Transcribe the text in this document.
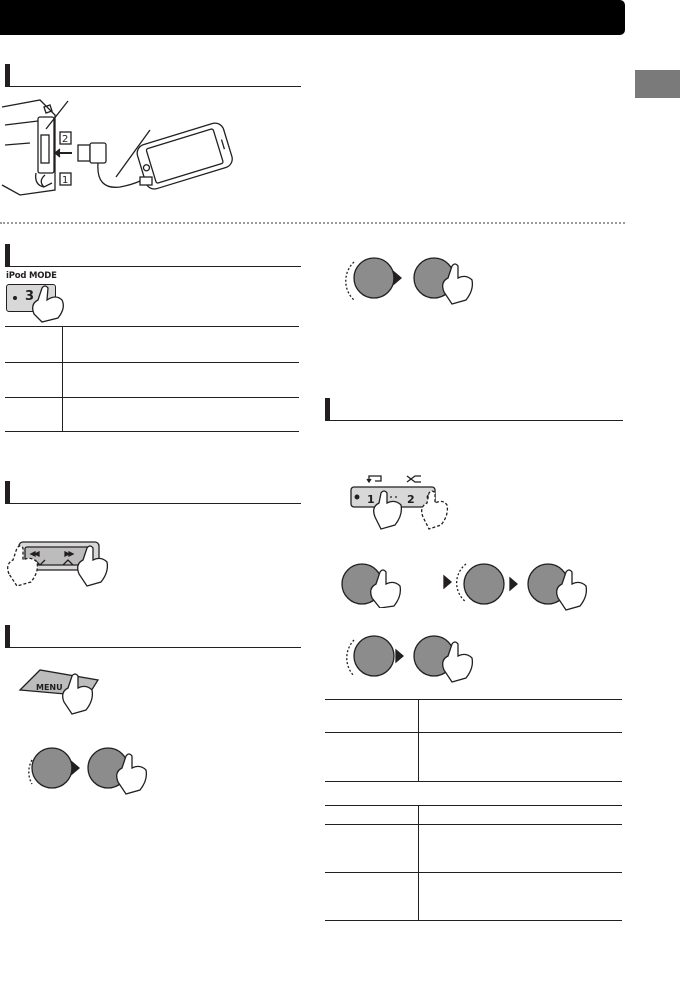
2
1
iPod MODE
3
MENU
1	2
